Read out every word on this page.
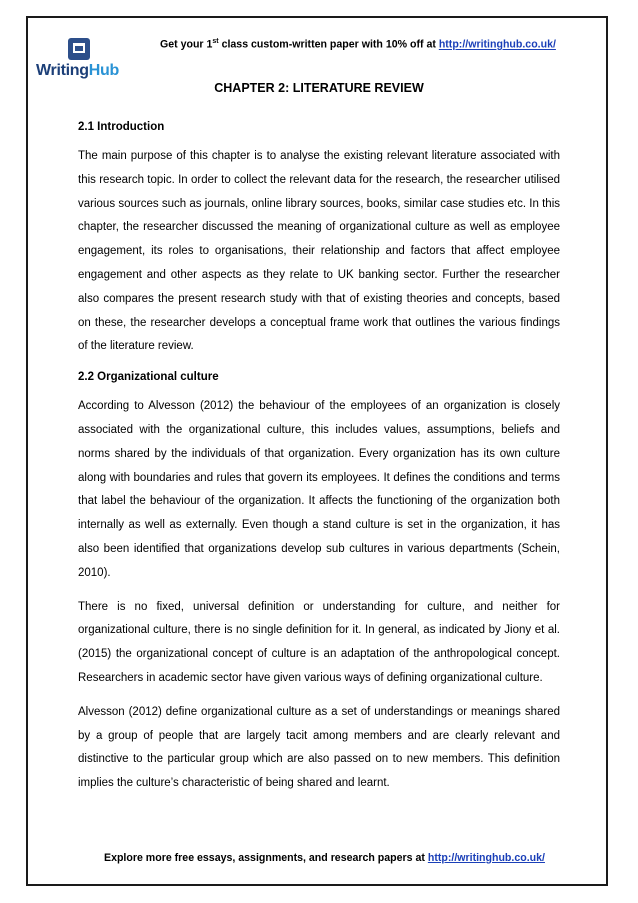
WritingHub
Get your 1st class custom-written paper with 10% off at http://writinghub.co.uk/
CHAPTER 2: LITERATURE REVIEW

2.1 Introduction

The main purpose of this chapter is to analyse the existing relevant literature associated with this research topic. In order to collect the relevant data for the research, the researcher utilised various sources such as journals, online library sources, books, similar case studies etc. In this chapter, the researcher discussed the meaning of organizational culture as well as employee engagement, its roles to organisations, their relationship and factors that affect employee engagement and other aspects as they relate to UK banking sector. Further the researcher also compares the present research study with that of existing theories and concepts, based on these, the researcher develops a conceptual frame work that outlines the various findings of the literature review.

2.2 Organizational culture

According to Alvesson (2012) the behaviour of the employees of an organization is closely associated with the organizational culture, this includes values, assumptions, beliefs and norms shared by the individuals of that organization. Every organization has its own culture along with boundaries and rules that govern its employees. It defines the conditions and terms that label the behaviour of the organization. It affects the functioning of the organization both internally as well as externally. Even though a stand culture is set in the organization, it has also been identified that organizations develop sub cultures in various departments (Schein, 2010).

There is no fixed, universal definition or understanding for culture, and neither for organizational culture, there is no single definition for it. In general, as indicated by Jiony et al. (2015) the organizational concept of culture is an adaptation of the anthropological concept. Researchers in academic sector have given various ways of defining organizational culture.

Alvesson (2012) define organizational culture as a set of understandings or meanings shared by a group of people that are largely tacit among members and are clearly relevant and distinctive to the particular group which are also passed on to new members. This definition implies the culture’s characteristic of being shared and learnt.

Explore more free essays, assignments, and research papers at http://writinghub.co.uk/
